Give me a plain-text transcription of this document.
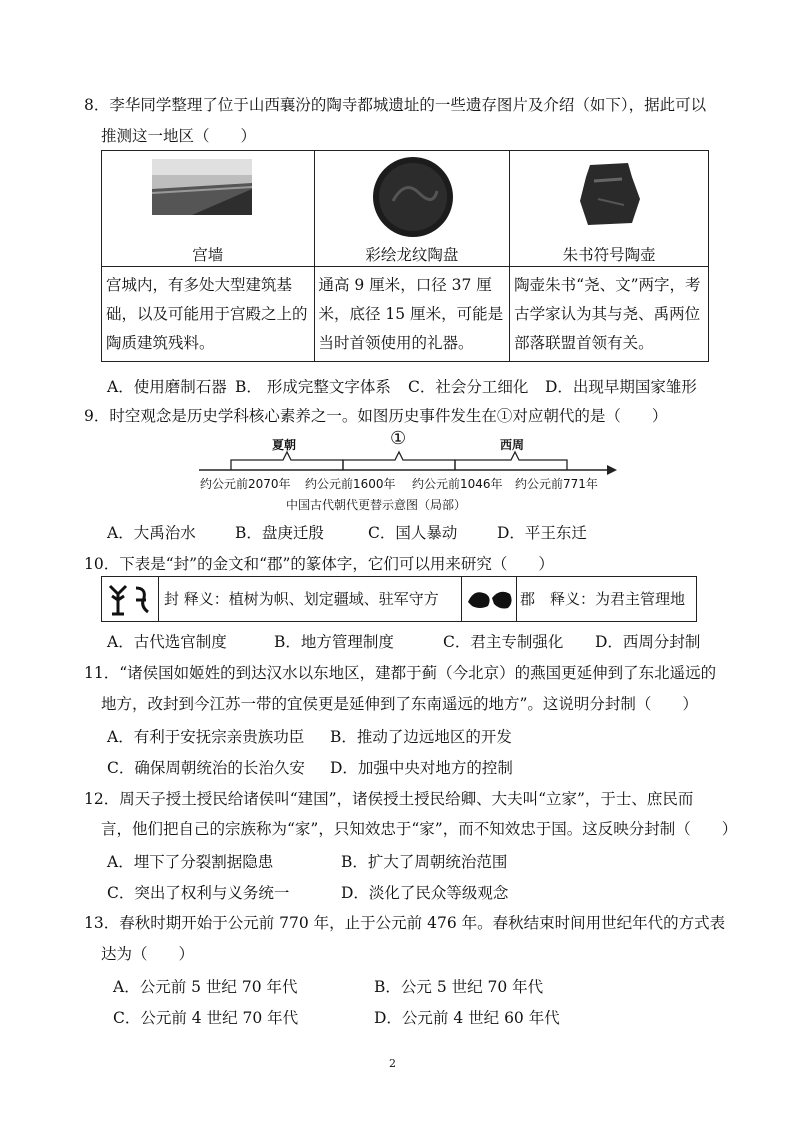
8．李华同学整理了位于山西襄汾的陶寺都城遗址的一些遗存图片及介绍（如下），据此可以
推测这一地区（　　）
宫墙	彩绘龙纹陶盘	朱书符号陶壶

宫城内，有多处大型建筑基础，以及可能用于宫殿之上的陶质建筑残料。	通高 9 厘米，口径 37 厘米，底径 15 厘米，可能是当时首领使用的礼器。	陶壶朱书“尧、文”两字，考古学家认为其与尧、禹两位部落联盟首领有关。
A．使用磨制石器 B． 形成完整文字体系 C．社会分工细化 D．出现早期国家雏形
9．时空观念是历史学科核心素养之一。如图历史事件发生在①对应朝代的是（　　）
夏朝	①	西周
约公元前2070年 约公元前1600年 约公元前1046年 约公元前771年
中国古代朝代更替示意图（局部）
A．大禹治水	B．盘庚迁殷	C．国人暴动	D．平王东迁
10．下表是“封”的金文和“郡”的篆体字，它们可以用来研究（　　）
封 释义：植树为帜、划定疆域、驻军守方	郡　释义：为君主管理地
A．古代选官制度	B．地方管理制度	C．君主专制强化 D．西周分封制
11．“诸侯国如姬姓的到达汉水以东地区，建都于蓟（今北京）的燕国更延伸到了东北遥远的
地方，改封到今江苏一带的宜侯更是延伸到了东南遥远的地方”。这说明分封制（　　）
A．有利于安抚宗亲贵族功臣 B．推动了边远地区的开发
C．确保周朝统治的长治久安 D．加强中央对地方的控制
12．周天子授土授民给诸侯叫“建国”，诸侯授土授民给卿、大夫叫“立家”，于士、庶民而
言，他们把自己的宗族称为“家”，只知效忠于“家”，而不知效忠于国。这反映分封制（　　）
A．埋下了分裂割据隐患	B．扩大了周朝统治范围
C．突出了权利与义务统一	D．淡化了民众等级观念
13．春秋时期开始于公元前 770 年，止于公元前 476 年。春秋结束时间用世纪年代的方式表
达为（　　）
A．公元前 5 世纪 70 年代	B．公元 5 世纪 70 年代
C．公元前 4 世纪 70 年代	D．公元前 4 世纪 60 年代
2
